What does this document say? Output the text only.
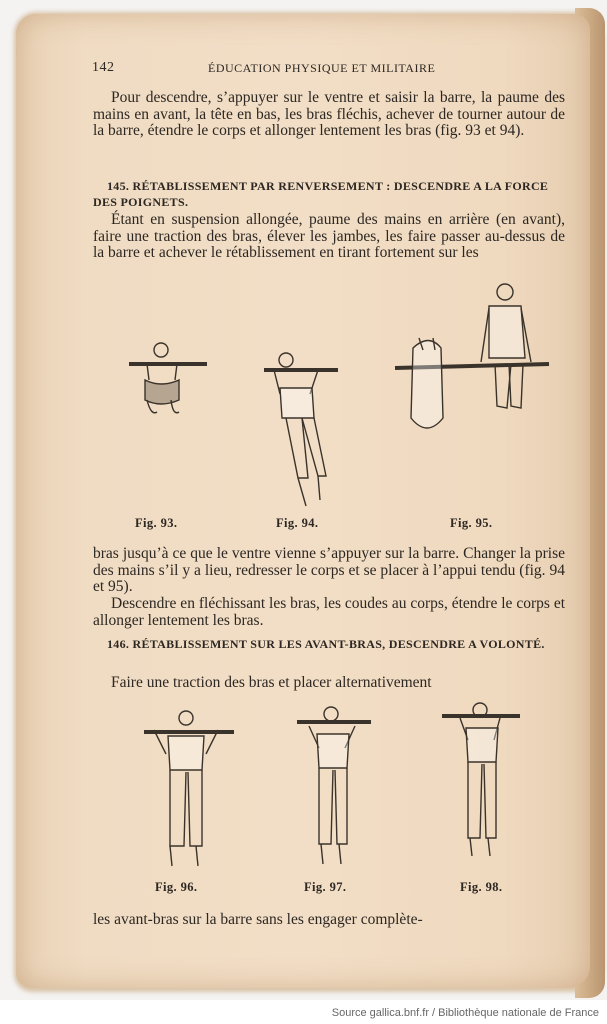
142	ÉDUCATION PHYSIQUE ET MILITAIRE
Pour descendre, s’appuyer sur le ventre et saisir la barre, la paume des mains en avant, la tête en bas, les bras fléchis, achever de tourner autour de la barre, étendre le corps et allonger lentement les bras (fig. 93 et 94).
145. RÉTABLISSEMENT PAR RENVERSEMENT : DESCENDRE A LA FORCE DES POIGNETS.
Étant en suspension allongée, paume des mains en arrière (en avant), faire une traction des bras, élever les jambes, les faire passer au-dessus de la barre et achever le rétablissement en tirant fortement sur les
Fig. 93.	Fig. 94.	Fig. 95.
bras jusqu’à ce que le ventre vienne s’appuyer sur la barre. Changer la prise des mains s’il y a lieu, redresser le corps et se placer à l’appui tendu (fig. 94 et 95).
Descendre en fléchissant les bras, les coudes au corps, étendre le corps et allonger lentement les bras.
146. RÉTABLISSEMENT SUR LES AVANT-BRAS, DESCENDRE A VOLONTÉ.
Faire une traction des bras et placer alternativement
Fig. 96.	Fig. 97.	Fig. 98.
les avant-bras sur la barre sans les engager complète-
Source gallica.bnf.fr / Bibliothèque nationale de France
